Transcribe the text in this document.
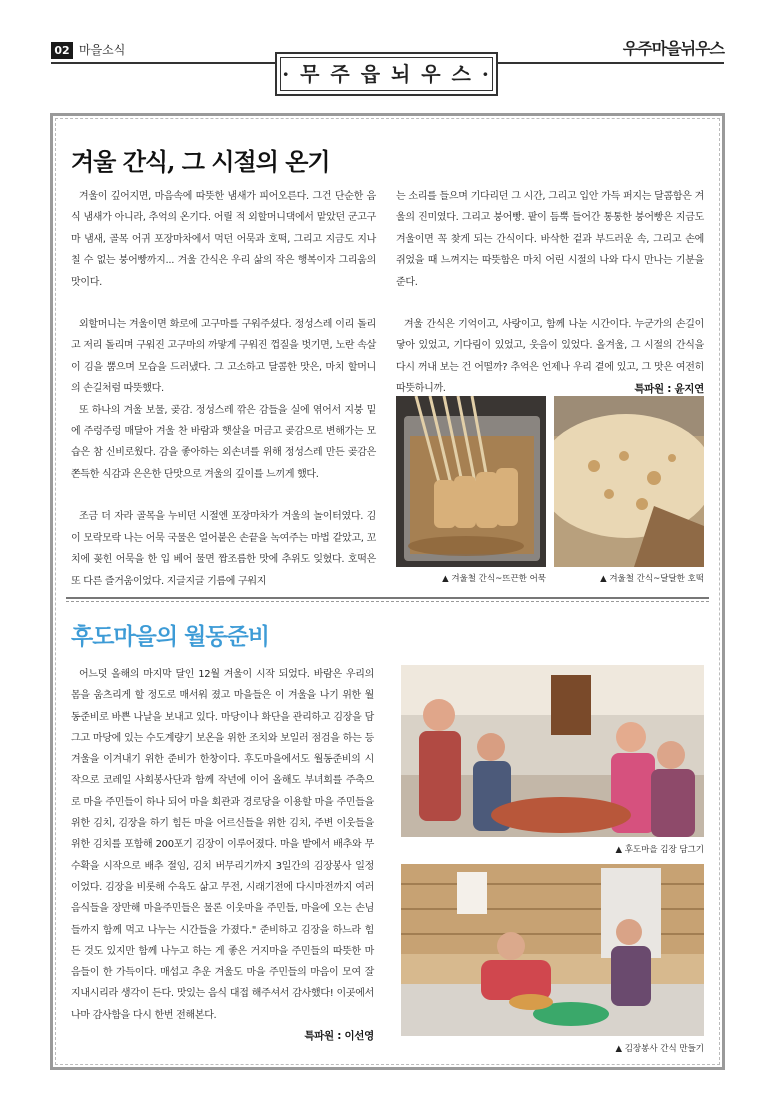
02 마을소식	우주마을뉘우스
· 무 주 읍 뇌 우 스 ·
겨울 간식, 그 시절의 온기

겨울이 깊어지면, 마음속에 따뜻한 냄새가 피어오른다. 그건 단순한 음식 냄새가 아니라, 추억의 온기다. 어릴 적 외할머니댁에서 맡았던 군고구마 냄새, 골목 어귀 포장마차에서 먹던 어묵과 호떡, 그리고 지금도 지나칠 수 없는 붕어빵까지... 겨울 간식은 우리 삶의 작은 행복이자 그리움의 맛이다.

외할머니는 겨울이면 화로에 고구마를 구워주셨다. 정성스레 이리 돌리고 저리 돌리며 구워진 고구마의 까맣게 구워진 껍질을 벗기면, 노란 속살이 김을 뿜으며 모습을 드러냈다. 그 고소하고 달콤한 맛은, 마치 할머니의 손길처럼 따뜻했다.

또 하나의 겨울 보물, 곶감. 정성스레 깎은 감들을 실에 엮어서 지붕 밑에 주렁주렁 매달아 겨울 찬 바람과 햇살을 머금고 곶감으로 변해가는 모습은 참 신비로웠다. 감을 좋아하는 외손녀를 위해 정성스레 만든 곶감은 쫀득한 식감과 은은한 단맛으로 겨울의 깊이를 느끼게 했다.

조금 더 자라 골목을 누비던 시절엔 포장마차가 겨울의 놀이터였다. 김이 모락모락 나는 어묵 국물은 얼어붙은 손끝을 녹여주는 마법 같았고, 꼬치에 꽂힌 어묵을 한 입 베어 물면 짭조름한 맛에 추위도 잊혔다. 호떡은 또 다른 즐거움이었다. 지글지글 기름에 구워지

는 소리를 들으며 기다리던 그 시간, 그리고 입안 가득 퍼지는 달콤함은 겨울의 진미였다. 그리고 붕어빵. 팥이 듬뿍 들어간 통통한 붕어빵은 지금도 겨울이면 꼭 찾게 되는 간식이다. 바삭한 겉과 부드러운 속, 그리고 손에 쥐었을 때 느껴지는 따뜻함은 마치 어린 시절의 나와 다시 만나는 기분을 준다.

겨울 간식은 기억이고, 사랑이고, 함께 나눈 시간이다. 누군가의 손길이 닿아 있었고, 기다림이 있었고, 웃음이 있었다. 올겨울, 그 시절의 간식을 다시 꺼내 보는 건 어떨까? 추억은 언제나 우리 곁에 있고, 그 맛은 여전히 따뜻하니까.	특파원 : 윤지연
▲ 겨울철 간식~뜨끈한 어묵	▲ 겨울철 간식~달달한 호떡
후도마을의 월동준비

어느덧 올해의 마지막 달인 12월 겨울이 시작 되었다. 바람은 우리의 몸을 움츠리게 할 정도로 매서워 졌고 마을들은 이 겨울을 나기 위한 월동준비로 바쁜 나날을 보내고 있다. 마당이나 화단을 관리하고 김장을 담그고 마당에 있는 수도계량기 보온을 위한 조치와 보일러 점검을 하는 등 겨울을 이겨내기 위한 준비가 한창이다. 후도마을에서도 월동준비의 시작으로 코레일 사회봉사단과 함께 작년에 이어 올해도 부녀회를 주축으로 마을 주민들이 하나 되어 마을 회관과 경로당을 이용할 마을 주민들을 위한 김치, 김장을 하기 힘든 마을 어르신들을 위한 김치, 주변 이웃들을 위한 김치를 포함해 200포기 김장이 이루어졌다. 마을 밭에서 배추와 무 수확을 시작으로 배추 절임, 김치 버무리기까지 3일간의 김장봉사 일정이었다. 김장을 비롯해 수육도 삶고 무전, 시래기전에 다시마전까지 여러 음식들을 장만해 마을주민들은 물론 이웃마을 주민들, 마을에 오는 손님들까지 함께 먹고 나누는 시간들을 가졌다." 준비하고 김장을 하느라 힘든 것도 있지만 함께 나누고 하는 게 좋은 거지마을 주민들의 따뜻한 마음들이 한 가득이다. 매섭고 추운 겨울도 마을 주민들의 마음이 모여 잘 지내시리라 생각이 든다. 맛있는 음식 대접 해주셔서 감사했다! 이곳에서나마 감사함을 다시 한번 전해본다.

특파원 : 이선영
▲ 후도마을 김장 담그기
▲ 김장봉사 간식 만들기
